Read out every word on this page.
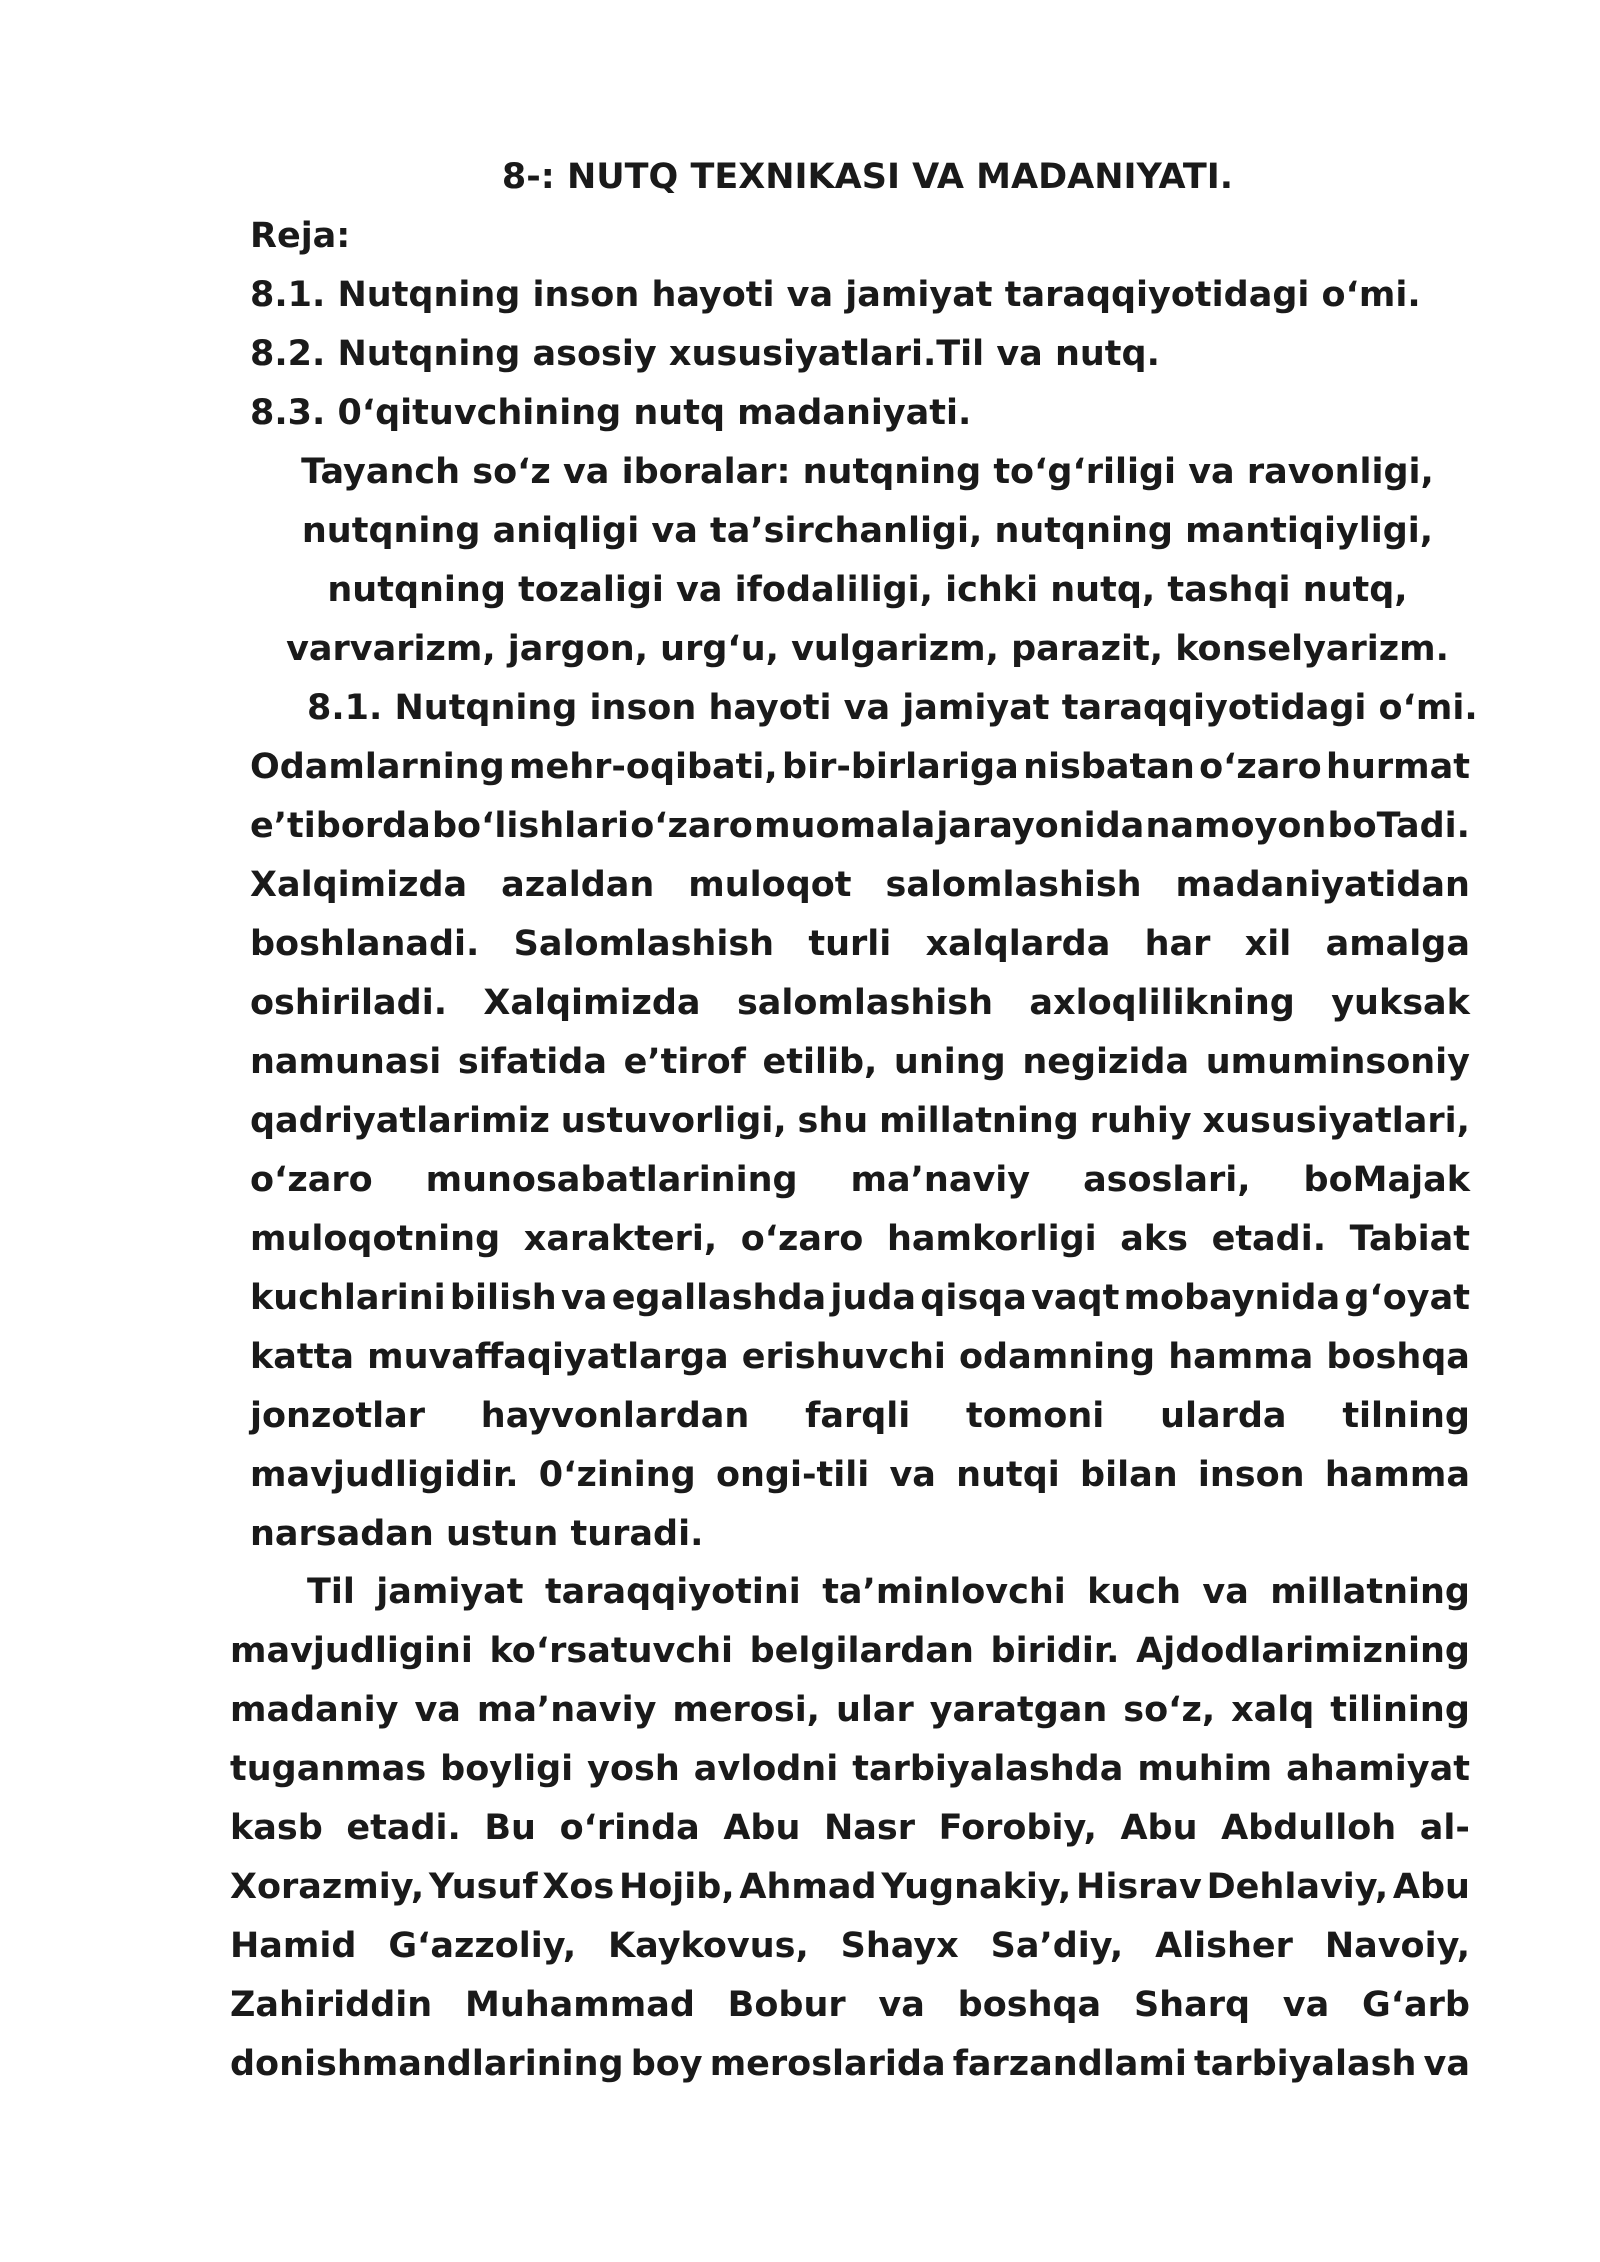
8-: NUTQ TEXNIKASI VA MADANIYATI.
Reja:
8.1. Nutqning inson hayoti va jamiyat taraqqiyotidagi o‘mi.
8.2. Nutqning asosiy xususiyatlari.Til va nutq.
8.3. 0‘qituvchining nutq madaniyati.
Tayanch so‘z va iboralar: nutqning to‘g‘riligi va ravonligi,
nutqning aniqligi va ta’sirchanligi, nutqning mantiqiyligi,
nutqning tozaligi va ifodaliligi, ichki nutq, tashqi nutq,
varvarizm, jargon, urg‘u, vulgarizm, parazit, konselyarizm.
8.1. Nutqning inson hayoti va jamiyat taraqqiyotidagi o‘mi.
Odamlarning mehr-oqibati, bir-birlariga nisbatan o‘zaro hurmat
e’tiborda bo‘lishlari o‘zaro muomala jarayonida namoyon boTadi.
Xalqimizda azaldan muloqot salomlashish madaniyatidan
boshlanadi. Salomlashish turli xalqlarda har xil amalga
oshiriladi. Xalqimizda salomlashish axloqlilikning yuksak
namunasi sifatida e’tirof etilib, uning negizida umuminsoniy
qadriyatlarimiz ustuvorligi, shu millatning ruhiy xususiyatlari,
o‘zaro munosabatlarining ma’naviy asoslari, boMajak
muloqotning xarakteri, o‘zaro hamkorligi aks etadi. Tabiat
kuchlarini bilish va egallashda juda qisqa vaqt mobaynida g‘oyat
katta muvaffaqiyatlarga erishuvchi odamning hamma boshqa
jonzotlar hayvonlardan farqli tomoni ularda tilning
mavjudligidir. 0‘zining ongi-tili va nutqi bilan inson hamma
narsadan ustun turadi.
Til jamiyat taraqqiyotini ta’minlovchi kuch va millatning
mavjudligini ko‘rsatuvchi belgilardan biridir. Ajdodlarimizning
madaniy va ma’naviy merosi, ular yaratgan so‘z, xalq tilining
tuganmas boyligi yosh avlodni tarbiyalashda muhim ahamiyat
kasb etadi. Bu o‘rinda Abu Nasr Forobiy, Abu Abdulloh al-
Xorazmiy, Yusuf Xos Hojib, Ahmad Yugnakiy, Hisrav Dehlaviy, Abu
Hamid G‘azzoliy, Kaykovus, Shayx Sa’diy, Alisher Navoiy,
Zahiriddin Muhammad Bobur va boshqa Sharq va G‘arb
donishmandlarining boy meroslarida farzandlami tarbiyalash va
